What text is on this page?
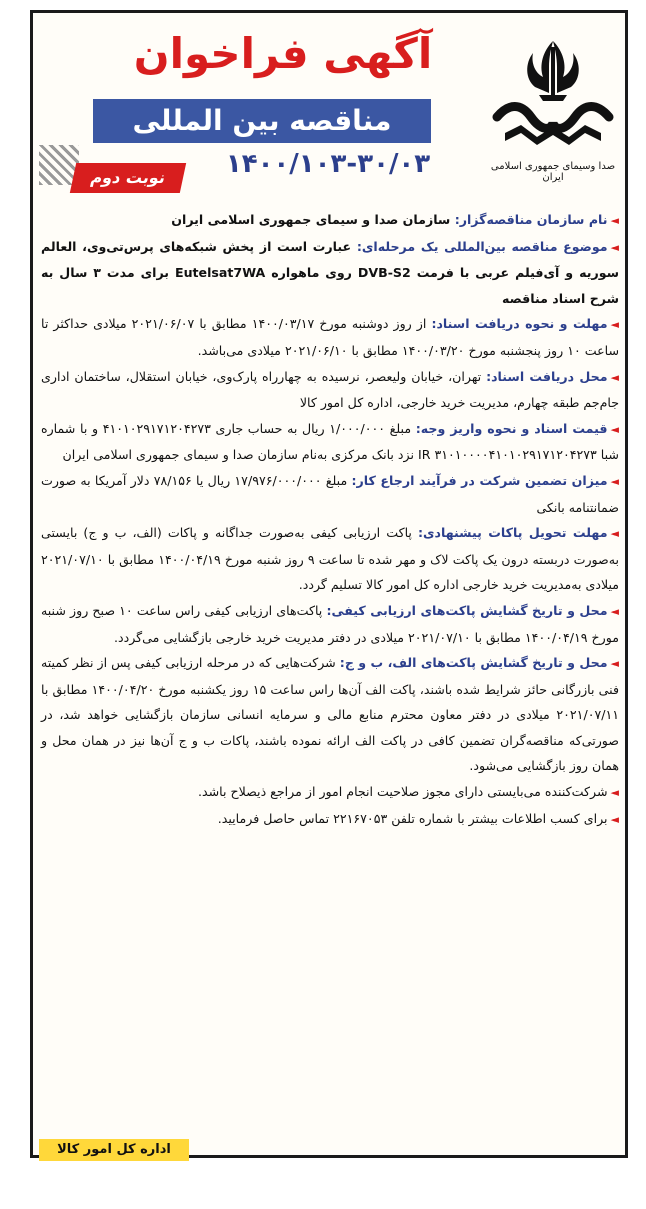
آگهی فراخوان
مناقصه بین المللی
۱۴۰۰/۱۰۳-۳۰/۰۳
نوبت دوم
صدا وسیمای جمهوری اسلامی ایران

◄نام سازمان مناقصه‌گزار: سازمان صدا و سیمای جمهوری اسلامی ایران

◄موضوع مناقصه بین‌المللی یک مرحله‌ای: عبارت است از پخش شبکه‌های پرس‌تی‌وی، العالم سوریه و آی‌فیلم عربی با فرمت DVB-S2 روی ماهواره Eutelsat7WA برای مدت ۳ سال به شرح اسناد مناقصه

◄مهلت و نحوه دریافت اسناد: از روز دوشنبه مورخ ۱۴۰۰/۰۳/۱۷ مطابق با ۲۰۲۱/۰۶/۰۷ میلادی حداکثر تا ساعت ۱۰ روز پنجشنبه مورخ ۱۴۰۰/۰۳/۲۰ مطابق با ۲۰۲۱/۰۶/۱۰ میلادی می‌باشد.

◄محل دریافت اسناد: تهران، خیابان ولیعصر، نرسیده به چهارراه پارک‌وی، خیابان استقلال، ساختمان اداری جام‌جم طبقه چهارم، مدیریت خرید خارجی، اداره کل امور کالا

◄قیمت اسناد و نحوه واریز وجه: مبلغ ۱/۰۰۰/۰۰۰ ریال به حساب جاری ۴۱۰۱۰۲۹۱۷۱۲۰۴۲۷۳ و با شماره شبا IR ۳۱۰۱۰۰۰۰۴۱۰۱۰۲۹۱۷۱۲۰۴۲۷۳ نزد بانک مرکزی به‌نام سازمان صدا و سیمای جمهوری اسلامی ایران

◄میزان تضمین شرکت در فرآیند ارجاع کار: مبلغ ۱۷/۹۷۶/۰۰۰/۰۰۰ ریال یا ۷۸/۱۵۶ دلار آمریکا به صورت ضمانتنامه بانکی

◄مهلت تحویل پاکات پیشنهادی: پاکت ارزیابی کیفی به‌صورت جداگانه و پاکات (الف، ب و ج) بایستی به‌صورت دربسته درون یک پاکت لاک و مهر شده تا ساعت ۹ روز شنبه مورخ ۱۴۰۰/۰۴/۱۹ مطابق با ۲۰۲۱/۰۷/۱۰ میلادی به‌مدیریت خرید خارجی اداره کل امور کالا تسلیم گردد.

◄محل و تاریخ گشایش پاکت‌های ارزیابی کیفی: پاکت‌های ارزیابی کیفی راس ساعت ۱۰ صبح روز شنبه مورخ ۱۴۰۰/۰۴/۱۹ مطابق با ۲۰۲۱/۰۷/۱۰ میلادی در دفتر مدیریت خرید خارجی بازگشایی می‌گردد.

◄محل و تاریخ گشایش پاکت‌های الف، ب و ج: شرکت‌هایی که در مرحله ارزیابی کیفی پس از نظر کمیته فنی بازرگانی حائز شرایط شده باشند، پاکت الف آن‌ها راس ساعت ۱۵ روز یکشنبه مورخ ۱۴۰۰/۰۴/۲۰ مطابق با ۲۰۲۱/۰۷/۱۱ میلادی در دفتر معاون محترم منابع مالی و سرمایه انسانی سازمان بازگشایی خواهد شد، در صورتی‌که مناقصه‌گران تضمین کافی در پاکت الف ارائه نموده باشند، پاکات ب و ج آن‌ها نیز در همان محل و همان روز بازگشایی می‌شود.

◄شرکت‌کننده می‌بایستی دارای مجوز صلاحیت انجام امور از مراجع ذیصلاح باشد.

◄برای کسب اطلاعات بیشتر با شماره تلفن ۲۲۱۶۷۰۵۳ تماس حاصل فرمایید.

اداره کل امور کالا
